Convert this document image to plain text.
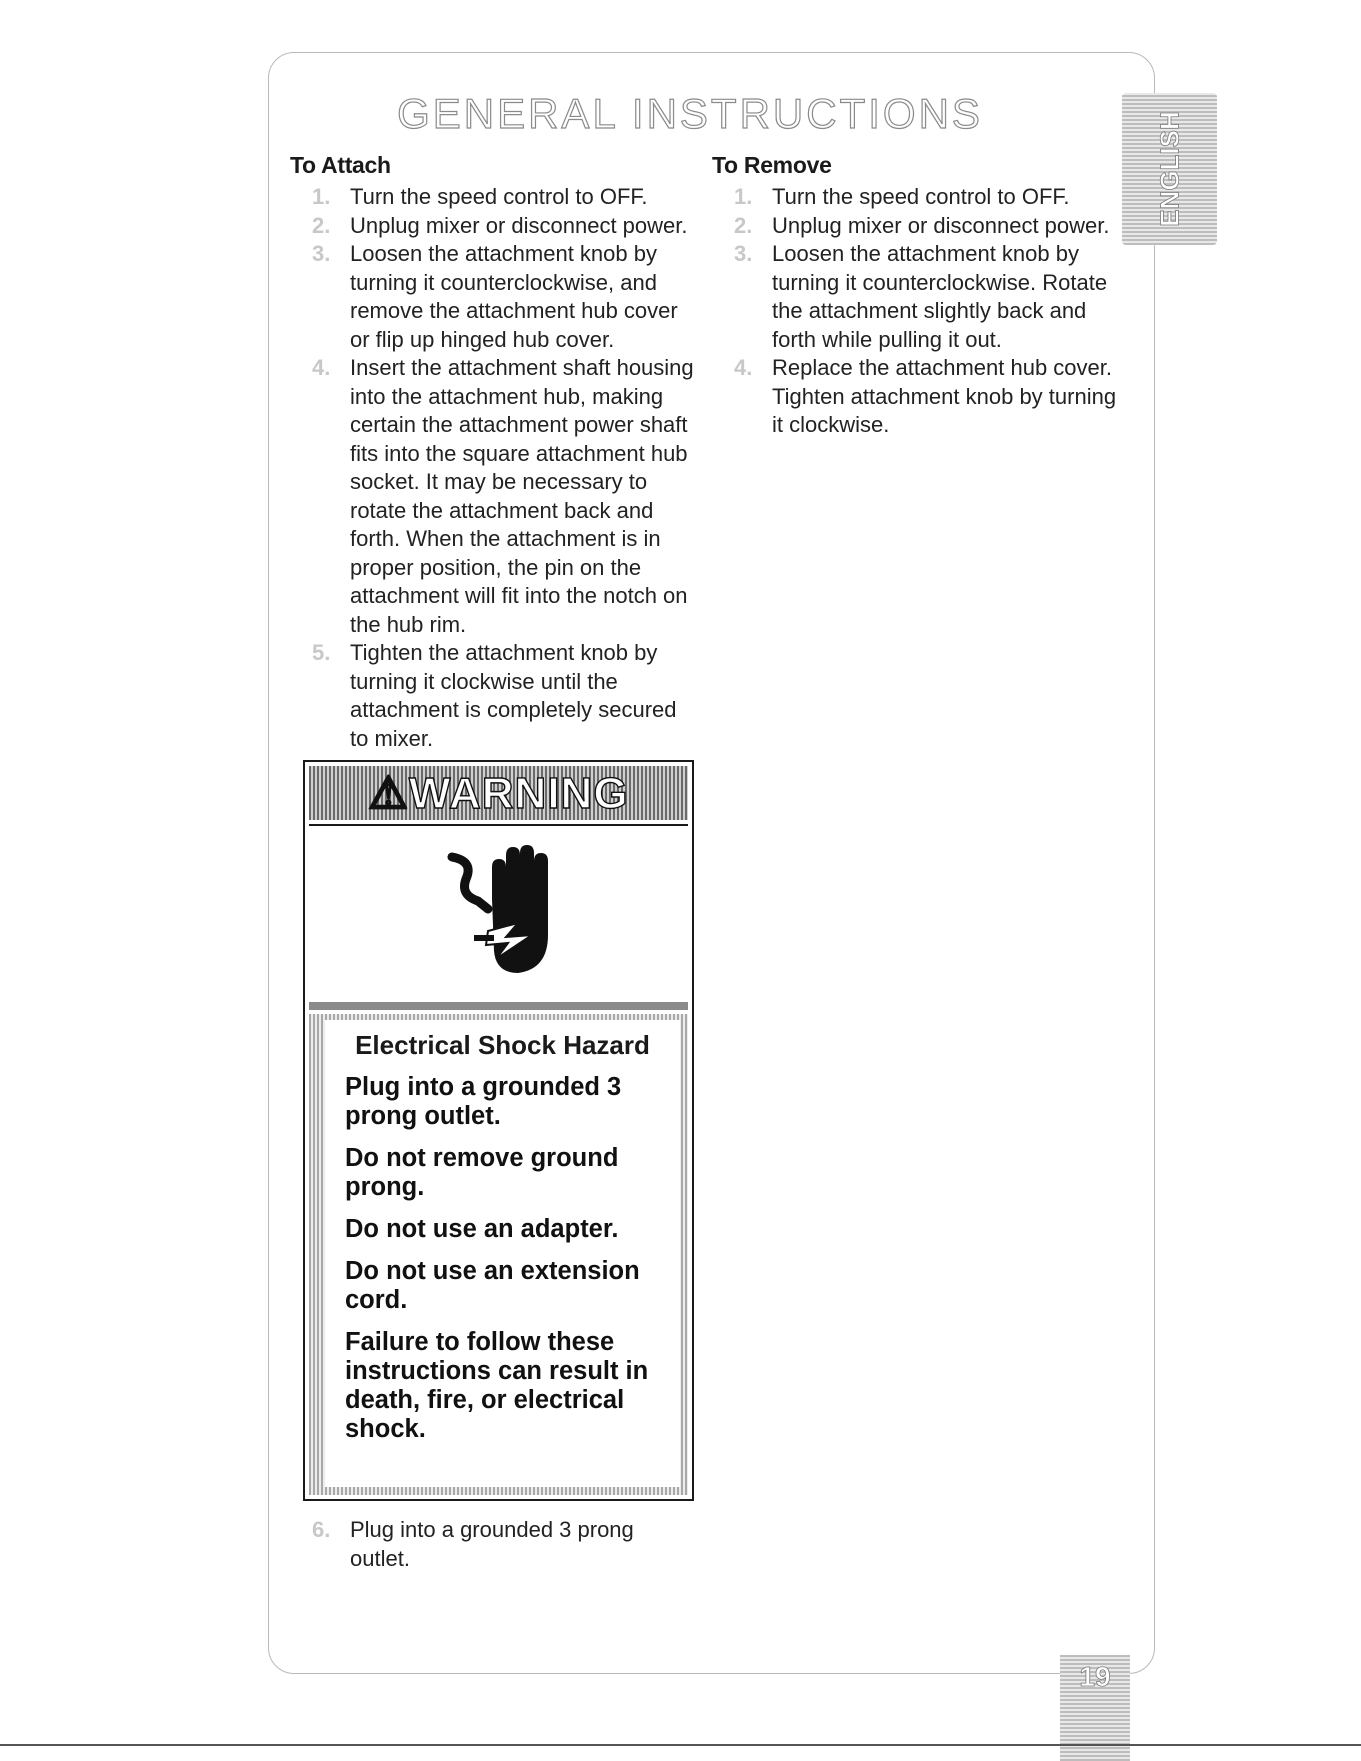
GENERAL INSTRUCTIONS	ENGLISH
To Attach
1. Turn the speed control to OFF.
2. Unplug mixer or disconnect power.
3. Loosen the attachment knob by turning it counterclockwise, and remove the attachment hub cover or flip up hinged hub cover.
4. Insert the attachment shaft housing into the attachment hub, making certain the attachment power shaft fits into the square attachment hub socket. It may be necessary to rotate the attachment back and forth. When the attachment is in proper position, the pin on the attachment will fit into the notch on the hub rim.
5. Tighten the attachment knob by turning it clockwise until the attachment is completely secured to mixer.
To Remove
1. Turn the speed control to OFF.
2. Unplug mixer or disconnect power.
3. Loosen the attachment knob by turning it counterclockwise. Rotate the attachment slightly back and forth while pulling it out.
4. Replace the attachment hub cover. Tighten attachment knob by turning it clockwise.
⚠WARNING
Electrical Shock Hazard
Plug into a grounded 3 prong outlet.
Do not remove ground prong.
Do not use an adapter.
Do not use an extension cord.
Failure to follow these instructions can result in death, fire, or electrical shock.
6. Plug into a grounded 3 prong outlet.
19
